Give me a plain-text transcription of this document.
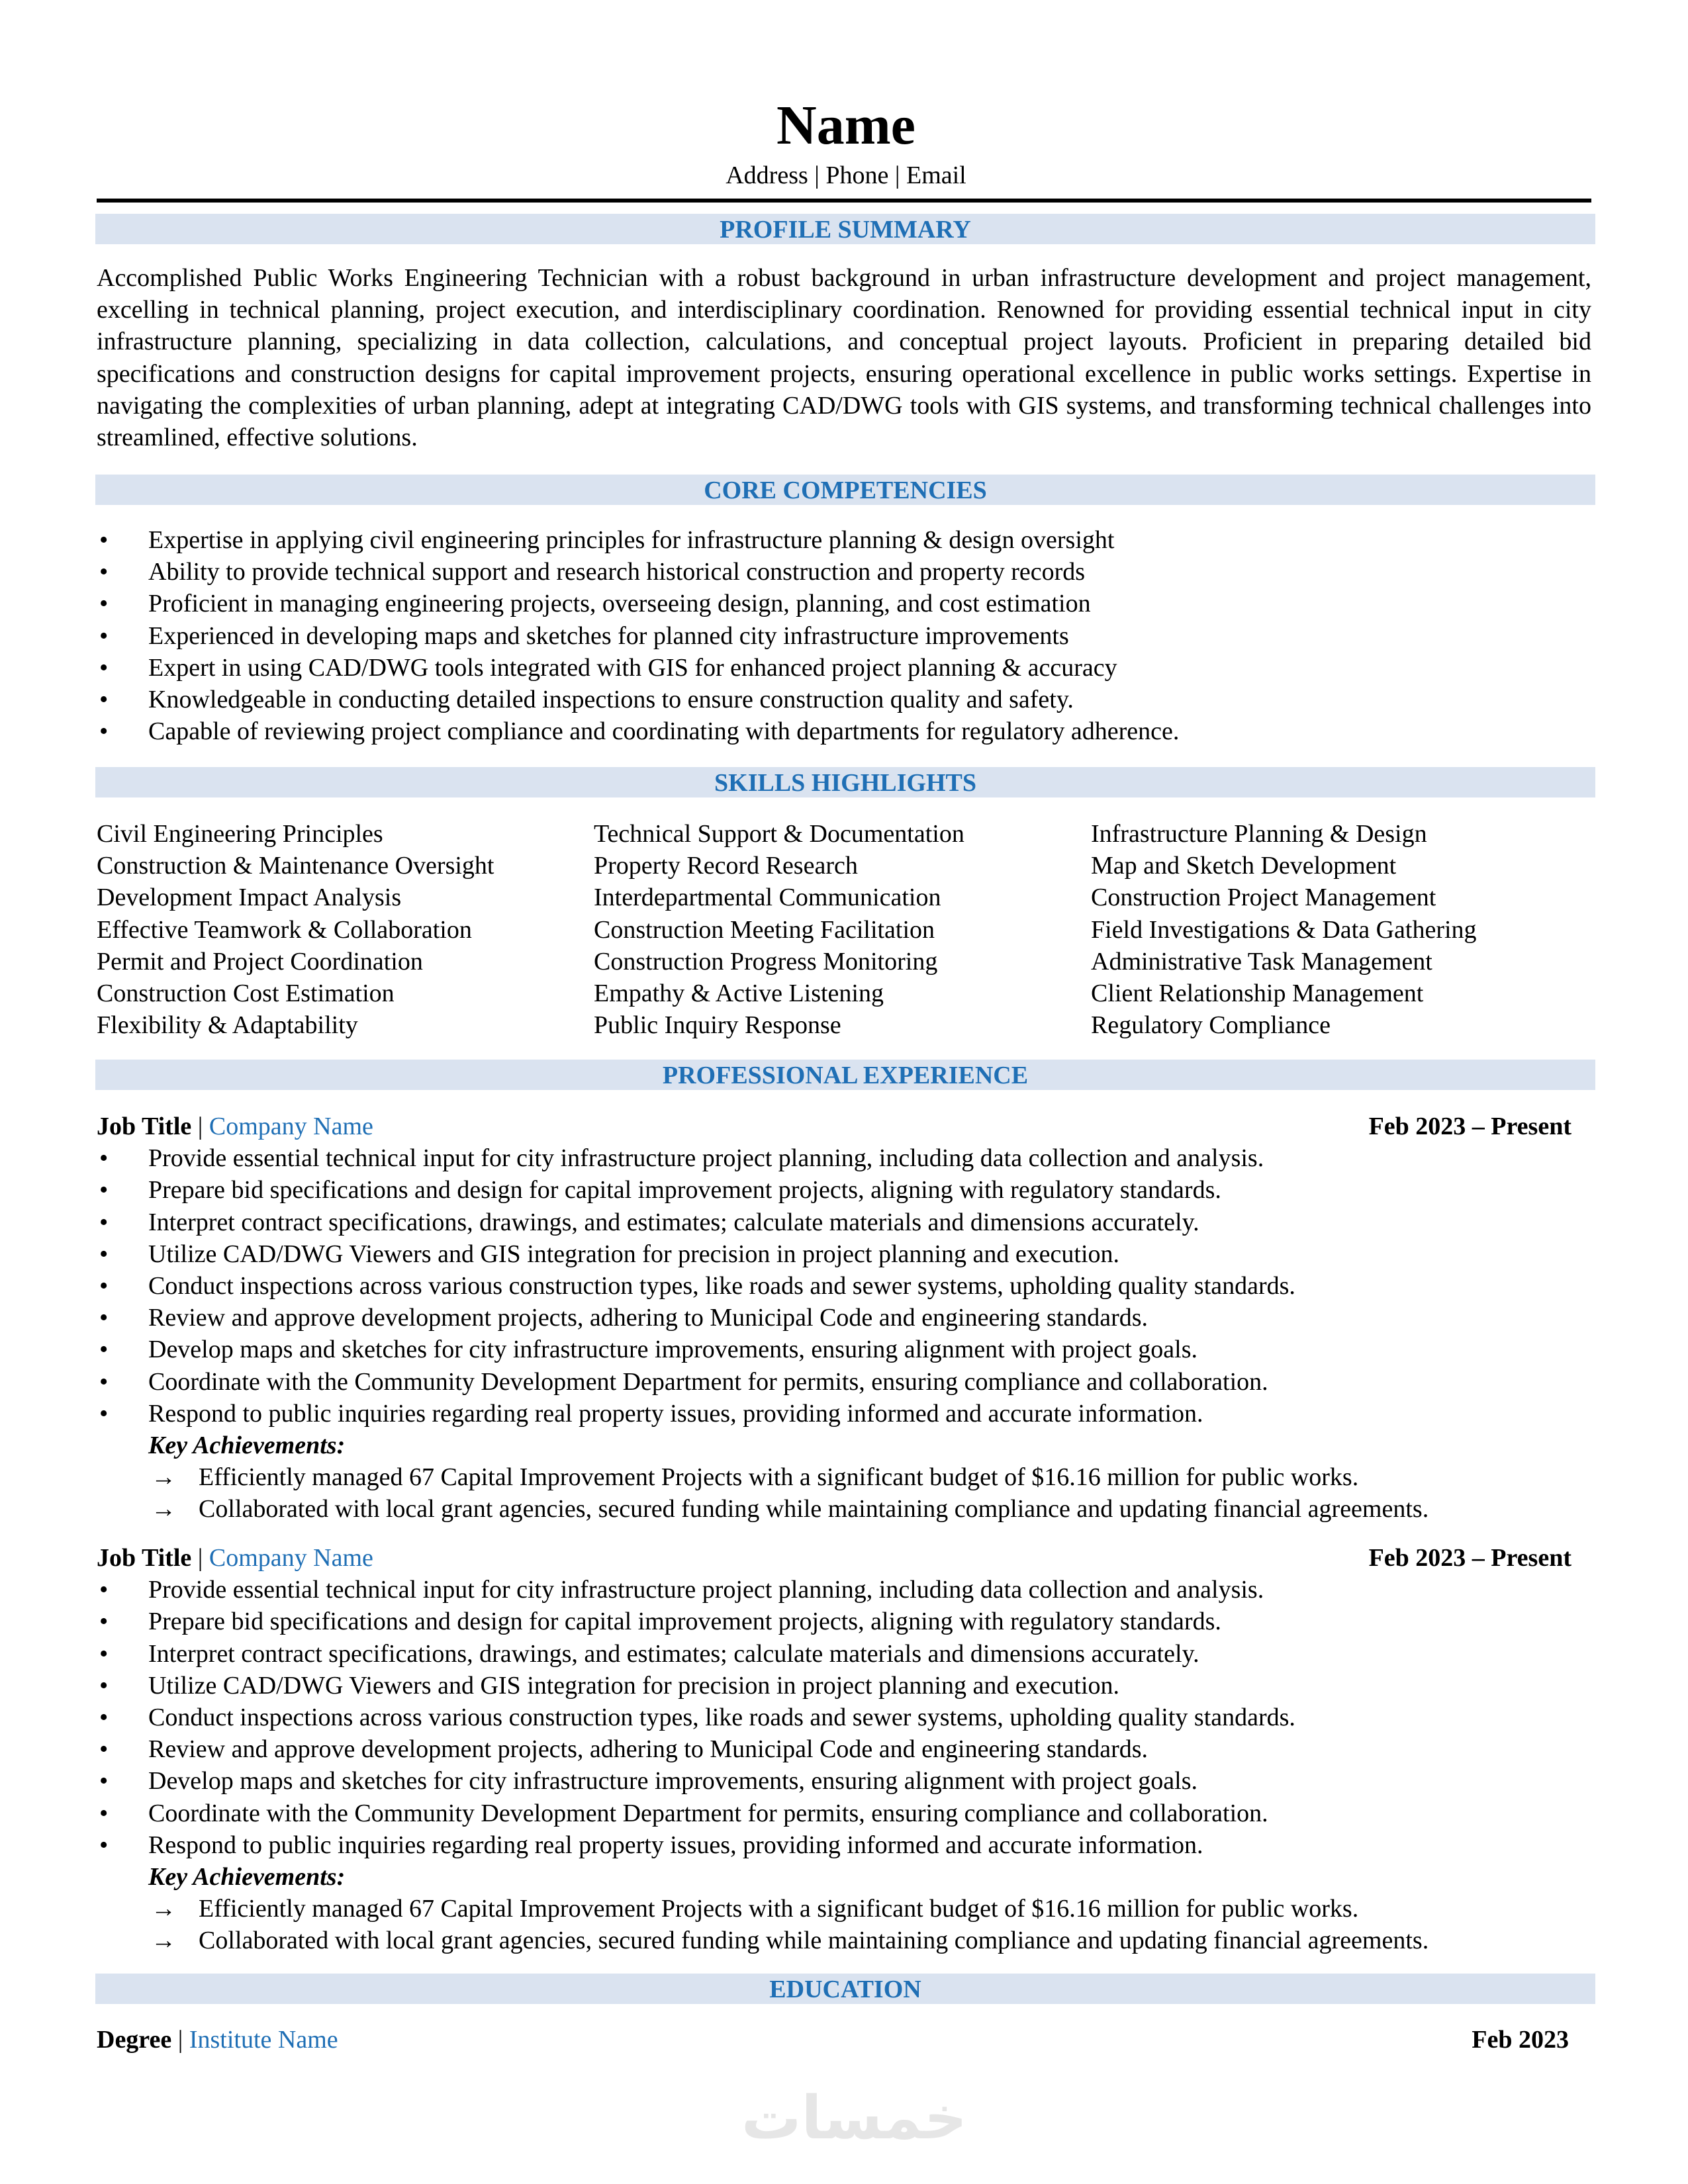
Name
Address | Phone | Email
PROFILE SUMMARY
Accomplished Public Works Engineering Technician with a robust background in urban infrastructure development and project management, excelling in technical planning, project execution, and interdisciplinary coordination. Renowned for providing essential technical input in city infrastructure planning, specializing in data collection, calculations, and conceptual project layouts. Proficient in preparing detailed bid specifications and construction designs for capital improvement projects, ensuring operational excellence in public works settings. Expertise in navigating the complexities of urban planning, adept at integrating CAD/DWG tools with GIS systems, and transforming technical challenges into streamlined, effective solutions.
CORE COMPETENCIES
• Expertise in applying civil engineering principles for infrastructure planning & design oversight
• Ability to provide technical support and research historical construction and property records
• Proficient in managing engineering projects, overseeing design, planning, and cost estimation
• Experienced in developing maps and sketches for planned city infrastructure improvements
• Expert in using CAD/DWG tools integrated with GIS for enhanced project planning & accuracy
• Knowledgeable in conducting detailed inspections to ensure construction quality and safety.
• Capable of reviewing project compliance and coordinating with departments for regulatory adherence.
SKILLS HIGHLIGHTS
Civil Engineering Principles	Technical Support & Documentation	Infrastructure Planning & Design
Construction & Maintenance Oversight	Property Record Research	Map and Sketch Development
Development Impact Analysis	Interdepartmental Communication	Construction Project Management
Effective Teamwork & Collaboration	Construction Meeting Facilitation	Field Investigations & Data Gathering
Permit and Project Coordination	Construction Progress Monitoring	Administrative Task Management
Construction Cost Estimation	Empathy & Active Listening	Client Relationship Management
Flexibility & Adaptability	Public Inquiry Response	Regulatory Compliance
PROFESSIONAL EXPERIENCE
Job Title | Company Name	Feb 2023 – Present
• Provide essential technical input for city infrastructure project planning, including data collection and analysis.
• Prepare bid specifications and design for capital improvement projects, aligning with regulatory standards.
• Interpret contract specifications, drawings, and estimates; calculate materials and dimensions accurately.
• Utilize CAD/DWG Viewers and GIS integration for precision in project planning and execution.
• Conduct inspections across various construction types, like roads and sewer systems, upholding quality standards.
• Review and approve development projects, adhering to Municipal Code and engineering standards.
• Develop maps and sketches for city infrastructure improvements, ensuring alignment with project goals.
• Coordinate with the Community Development Department for permits, ensuring compliance and collaboration.
• Respond to public inquiries regarding real property issues, providing informed and accurate information.
Key Achievements:
→ Efficiently managed 67 Capital Improvement Projects with a significant budget of $16.16 million for public works.
→ Collaborated with local grant agencies, secured funding while maintaining compliance and updating financial agreements.
Job Title | Company Name	Feb 2023 – Present
• Provide essential technical input for city infrastructure project planning, including data collection and analysis.
• Prepare bid specifications and design for capital improvement projects, aligning with regulatory standards.
• Interpret contract specifications, drawings, and estimates; calculate materials and dimensions accurately.
• Utilize CAD/DWG Viewers and GIS integration for precision in project planning and execution.
• Conduct inspections across various construction types, like roads and sewer systems, upholding quality standards.
• Review and approve development projects, adhering to Municipal Code and engineering standards.
• Develop maps and sketches for city infrastructure improvements, ensuring alignment with project goals.
• Coordinate with the Community Development Department for permits, ensuring compliance and collaboration.
• Respond to public inquiries regarding real property issues, providing informed and accurate information.
Key Achievements:
→ Efficiently managed 67 Capital Improvement Projects with a significant budget of $16.16 million for public works.
→ Collaborated with local grant agencies, secured funding while maintaining compliance and updating financial agreements.
EDUCATION
Degree | Institute Name	Feb 2023
خمسات
